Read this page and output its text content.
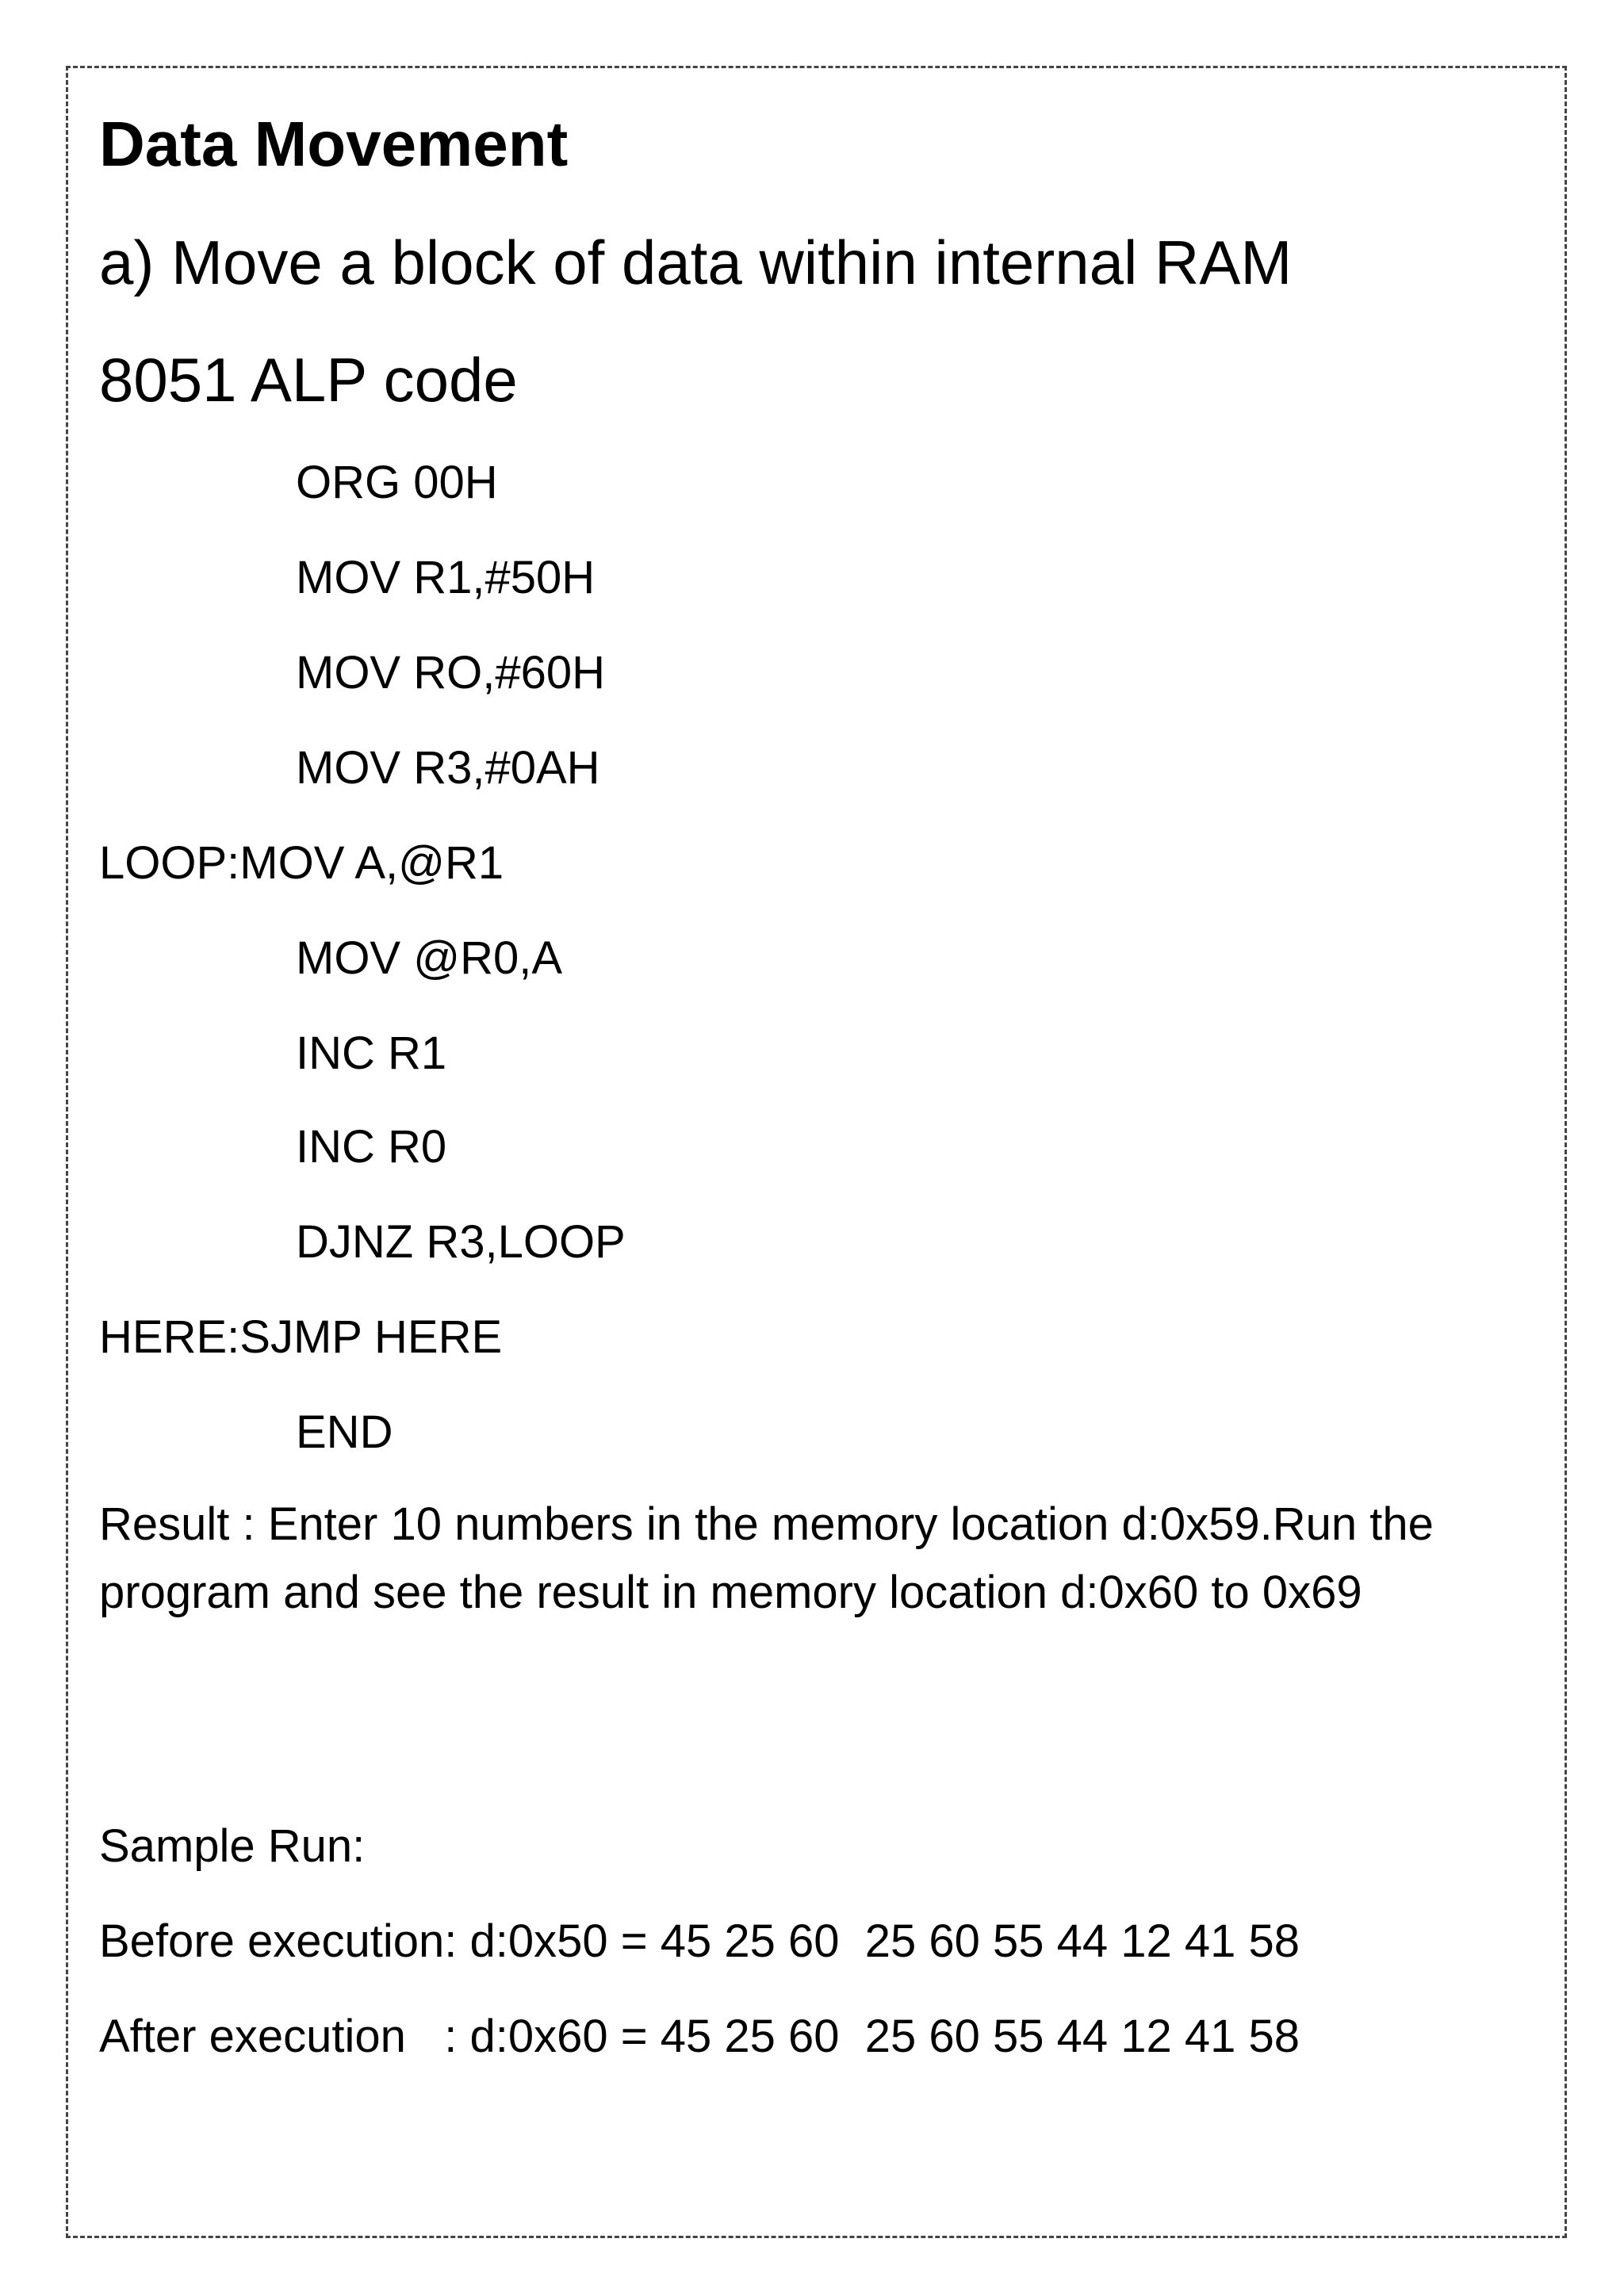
Data Movement
a) Move a block of data within internal RAM
8051 ALP code
ORG 00H
MOV R1,#50H
MOV RO,#60H
MOV R3,#0AH
LOOP:MOV A,@R1
MOV @R0,A
INC R1
INC R0
DJNZ R3,LOOP
HERE:SJMP HERE
END
Result : Enter 10 numbers in the memory location d:0x59.Run the program and see the result in memory location d:0x60 to 0x69
Sample Run:
Before execution: d:0x50 = 45 25 60  25 60 55 44 12 41 58
After execution   : d:0x60 = 45 25 60  25 60 55 44 12 41 58
